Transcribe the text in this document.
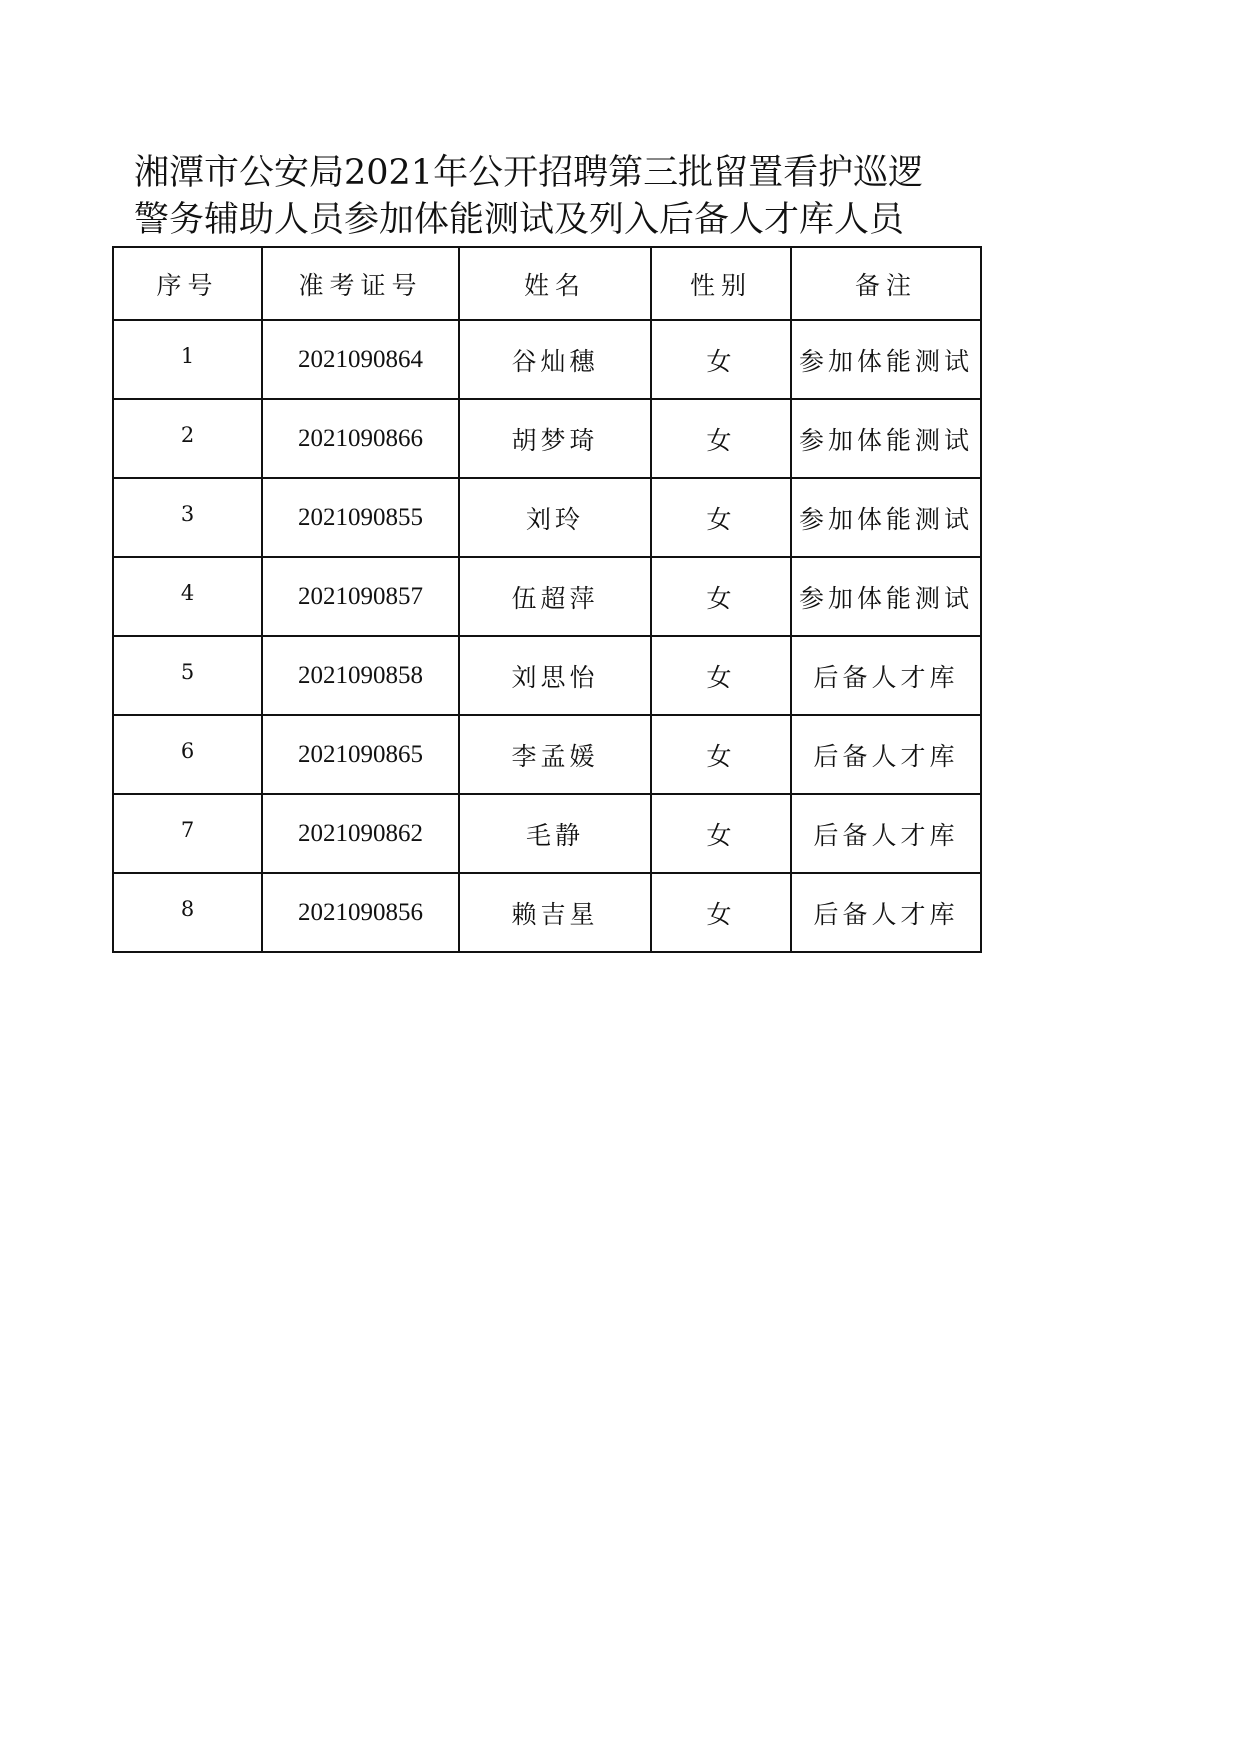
湘潭市公安局2021年公开招聘第三批留置看护巡逻
警务辅助人员参加体能测试及列入后备人才库人员
序号	准考证号	姓名	性别	备注
1	2021090864	谷灿穗	女	参加体能测试
2	2021090866	胡梦琦	女	参加体能测试
3	2021090855	刘玲	女	参加体能测试
4	2021090857	伍超萍	女	参加体能测试
5	2021090858	刘思怡	女	后备人才库
6	2021090865	李孟媛	女	后备人才库
7	2021090862	毛静	女	后备人才库
8	2021090856	赖吉星	女	后备人才库
